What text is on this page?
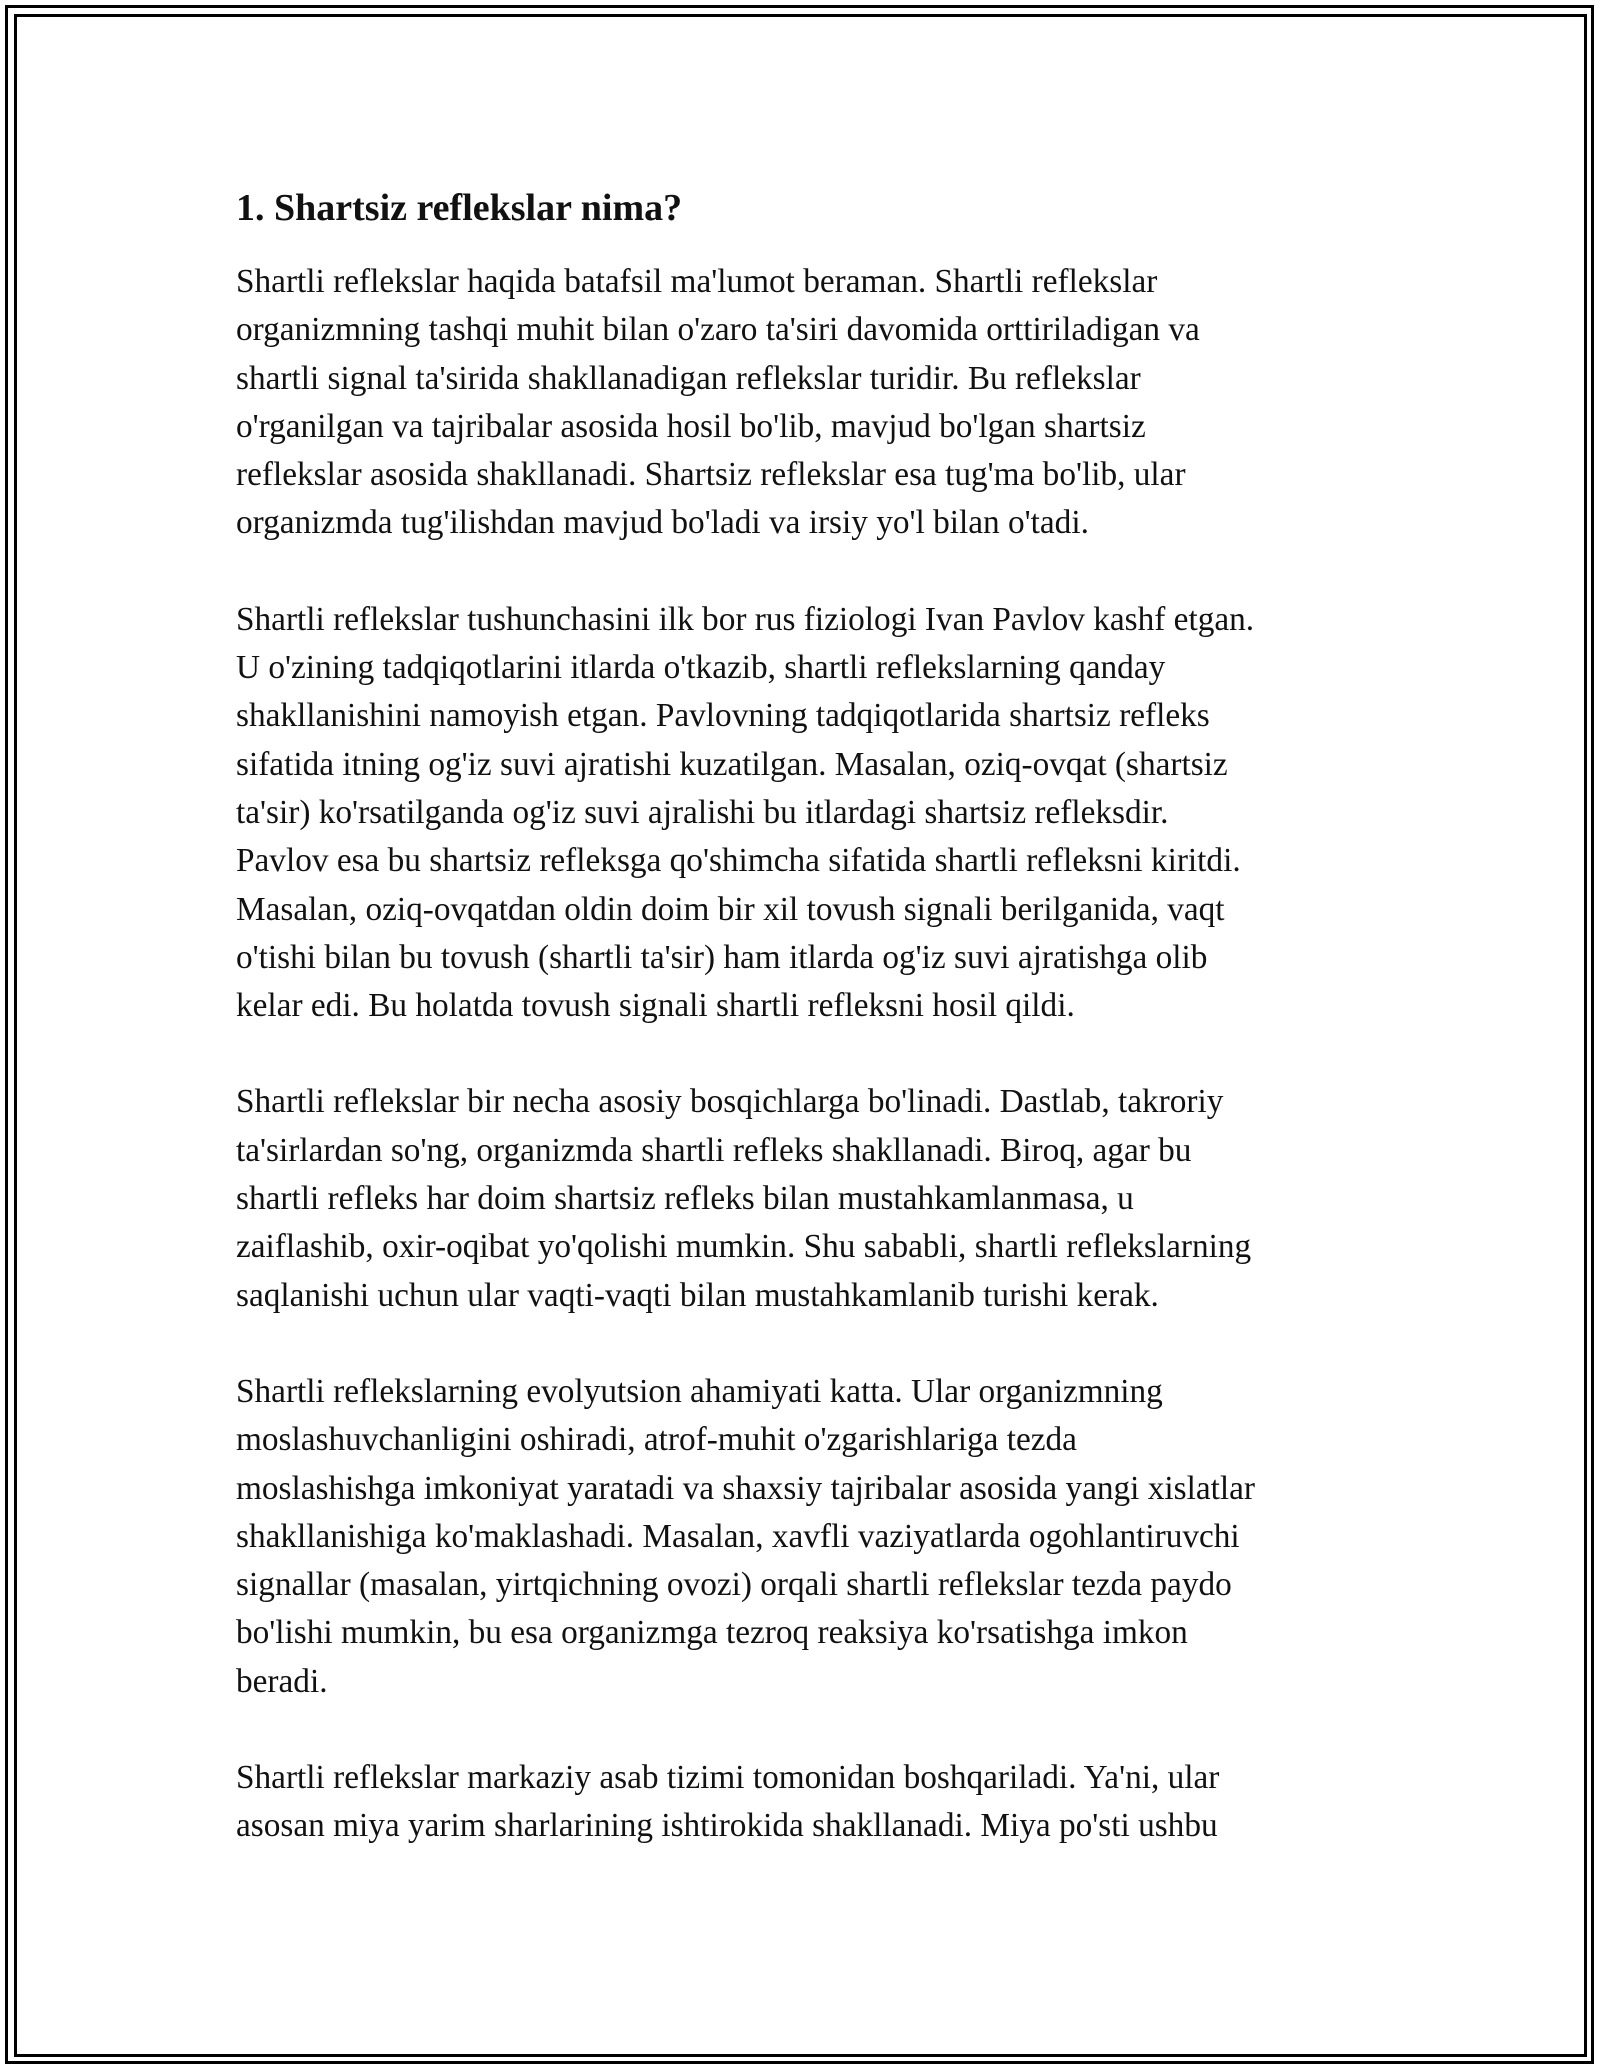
1. Shartsiz reflekslar nima?

Shartli reflekslar haqida batafsil ma'lumot beraman. Shartli reflekslar
organizmning tashqi muhit bilan o'zaro ta'siri davomida orttiriladigan va
shartli signal ta'sirida shakllanadigan reflekslar turidir. Bu reflekslar
o'rganilgan va tajribalar asosida hosil bo'lib, mavjud bo'lgan shartsiz
reflekslar asosida shakllanadi. Shartsiz reflekslar esa tug'ma bo'lib, ular
organizmda tug'ilishdan mavjud bo'ladi va irsiy yo'l bilan o'tadi.

Shartli reflekslar tushunchasini ilk bor rus fiziologi Ivan Pavlov kashf etgan.
U o'zining tadqiqotlarini itlarda o'tkazib, shartli reflekslarning qanday
shakllanishini namoyish etgan. Pavlovning tadqiqotlarida shartsiz refleks
sifatida itning og'iz suvi ajratishi kuzatilgan. Masalan, oziq-ovqat (shartsiz
ta'sir) ko'rsatilganda og'iz suvi ajralishi bu itlardagi shartsiz refleksdir.
Pavlov esa bu shartsiz refleksga qo'shimcha sifatida shartli refleksni kiritdi.
Masalan, oziq-ovqatdan oldin doim bir xil tovush signali berilganida, vaqt
o'tishi bilan bu tovush (shartli ta'sir) ham itlarda og'iz suvi ajratishga olib
kelar edi. Bu holatda tovush signali shartli refleksni hosil qildi.

Shartli reflekslar bir necha asosiy bosqichlarga bo'linadi. Dastlab, takroriy
ta'sirlardan so'ng, organizmda shartli refleks shakllanadi. Biroq, agar bu
shartli refleks har doim shartsiz refleks bilan mustahkamlanmasa, u
zaiflashib, oxir-oqibat yo'qolishi mumkin. Shu sababli, shartli reflekslarning
saqlanishi uchun ular vaqti-vaqti bilan mustahkamlanib turishi kerak.

Shartli reflekslarning evolyutsion ahamiyati katta. Ular organizmning
moslashuvchanligini oshiradi, atrof-muhit o'zgarishlariga tezda
moslashishga imkoniyat yaratadi va shaxsiy tajribalar asosida yangi xislatlar
shakllanishiga ko'maklashadi. Masalan, xavfli vaziyatlarda ogohlantiruvchi
signallar (masalan, yirtqichning ovozi) orqali shartli reflekslar tezda paydo
bo'lishi mumkin, bu esa organizmga tezroq reaksiya ko'rsatishga imkon
beradi.

Shartli reflekslar markaziy asab tizimi tomonidan boshqariladi. Ya'ni, ular
asosan miya yarim sharlarining ishtirokida shakllanadi. Miya po'sti ushbu
